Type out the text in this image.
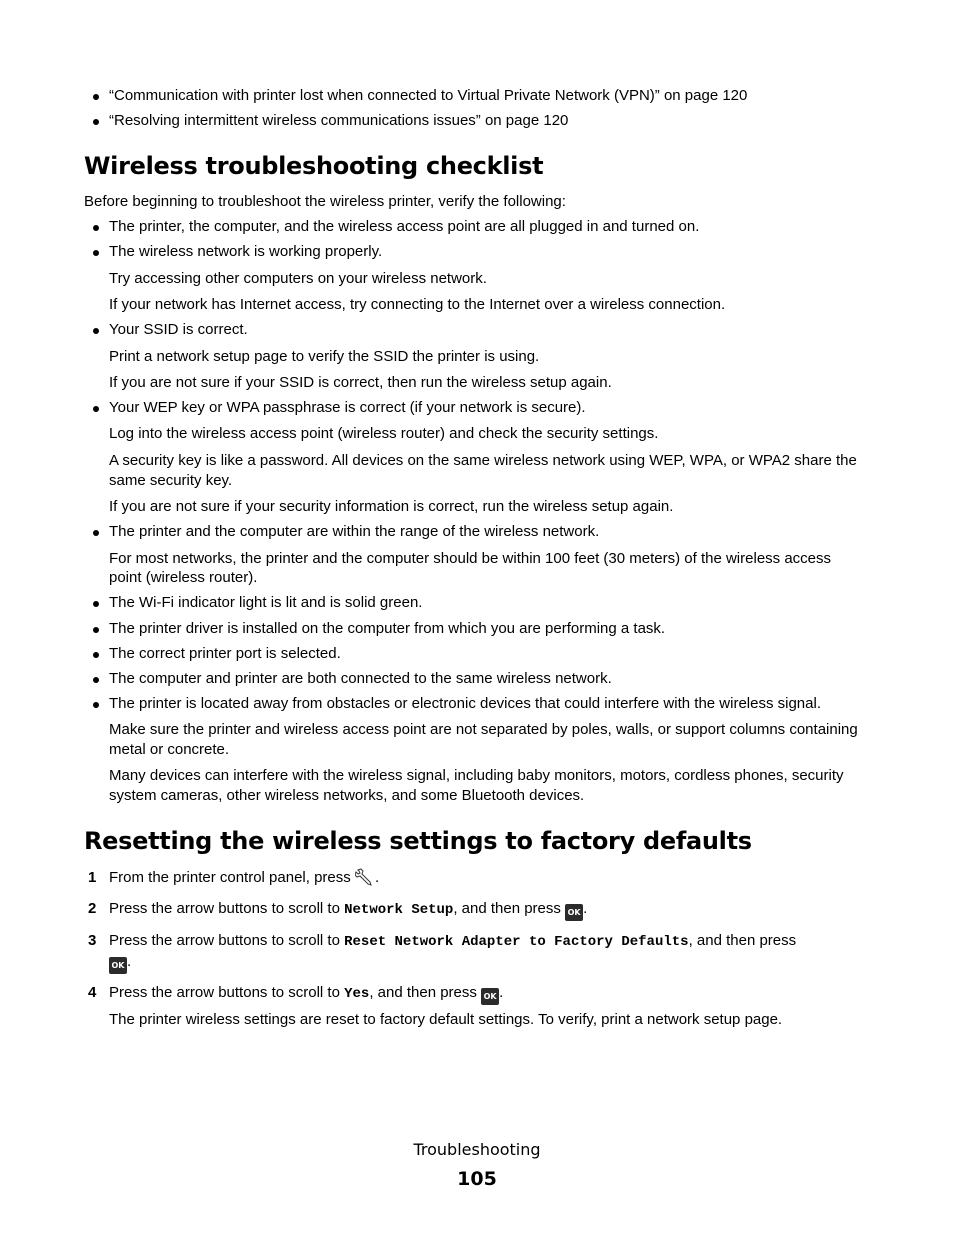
“Communication with printer lost when connected to Virtual Private Network (VPN)” on page 120
“Resolving intermittent wireless communications issues” on page 120
Wireless troubleshooting checklist
Before beginning to troubleshoot the wireless printer, verify the following:
The printer, the computer, and the wireless access point are all plugged in and turned on.
The wireless network is working properly.
Try accessing other computers on your wireless network.
If your network has Internet access, try connecting to the Internet over a wireless connection.
Your SSID is correct.
Print a network setup page to verify the SSID the printer is using.
If you are not sure if your SSID is correct, then run the wireless setup again.
Your WEP key or WPA passphrase is correct (if your network is secure).
Log into the wireless access point (wireless router) and check the security settings.
A security key is like a password. All devices on the same wireless network using WEP, WPA, or WPA2 share the
same security key.
If you are not sure if your security information is correct, run the wireless setup again.
The printer and the computer are within the range of the wireless network.
For most networks, the printer and the computer should be within 100 feet (30 meters) of the wireless access
point (wireless router).
The Wi-Fi indicator light is lit and is solid green.
The printer driver is installed on the computer from which you are performing a task.
The correct printer port is selected.
The computer and printer are both connected to the same wireless network.
The printer is located away from obstacles or electronic devices that could interfere with the wireless signal.
Make sure the printer and wireless access point are not separated by poles, walls, or support columns containing
metal or concrete.
Many devices can interfere with the wireless signal, including baby monitors, motors, cordless phones, security
system cameras, other wireless networks, and some Bluetooth devices.
Resetting the wireless settings to factory defaults
1 From the printer control panel, press .
2 Press the arrow buttons to scroll to Network Setup, and then press OK .
3 Press the arrow buttons to scroll to Reset Network Adapter to Factory Defaults, and then press
OK .
4 Press the arrow buttons to scroll to Yes, and then press OK .
The printer wireless settings are reset to factory default settings. To verify, print a network setup page.
Troubleshooting
105
